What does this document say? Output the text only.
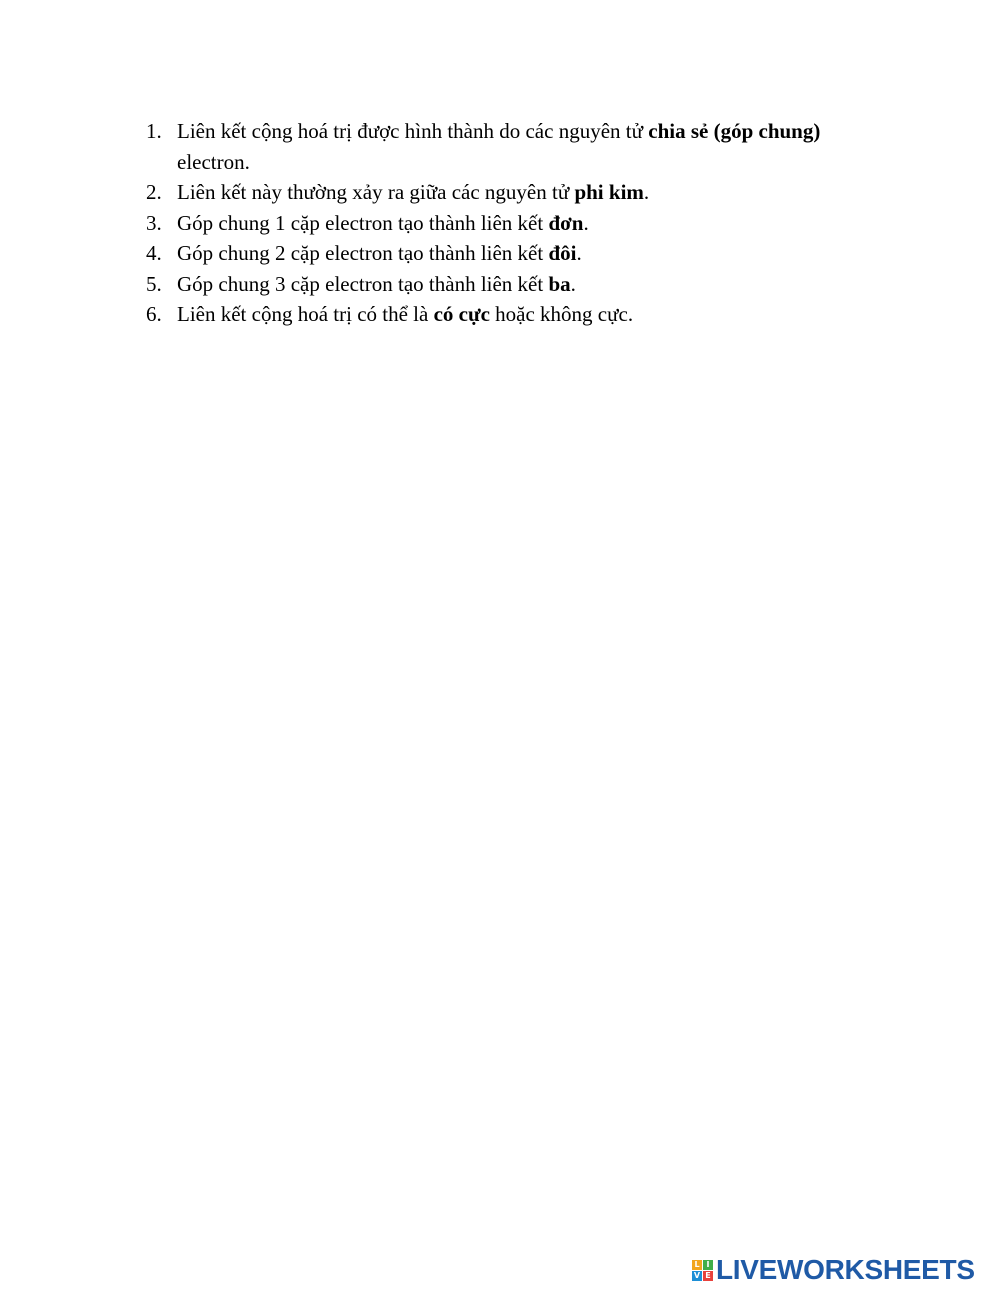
1. Liên kết cộng hoá trị được hình thành do các nguyên tử chia sẻ (góp chung) electron.
2. Liên kết này thường xảy ra giữa các nguyên tử phi kim.
3. Góp chung 1 cặp electron tạo thành liên kết đơn.
4. Góp chung 2 cặp electron tạo thành liên kết đôi.
5. Góp chung 3 cặp electron tạo thành liên kết ba.
6. Liên kết cộng hoá trị có thể là có cực hoặc không cực.
L I
V E LIVEWORKSHEETS
